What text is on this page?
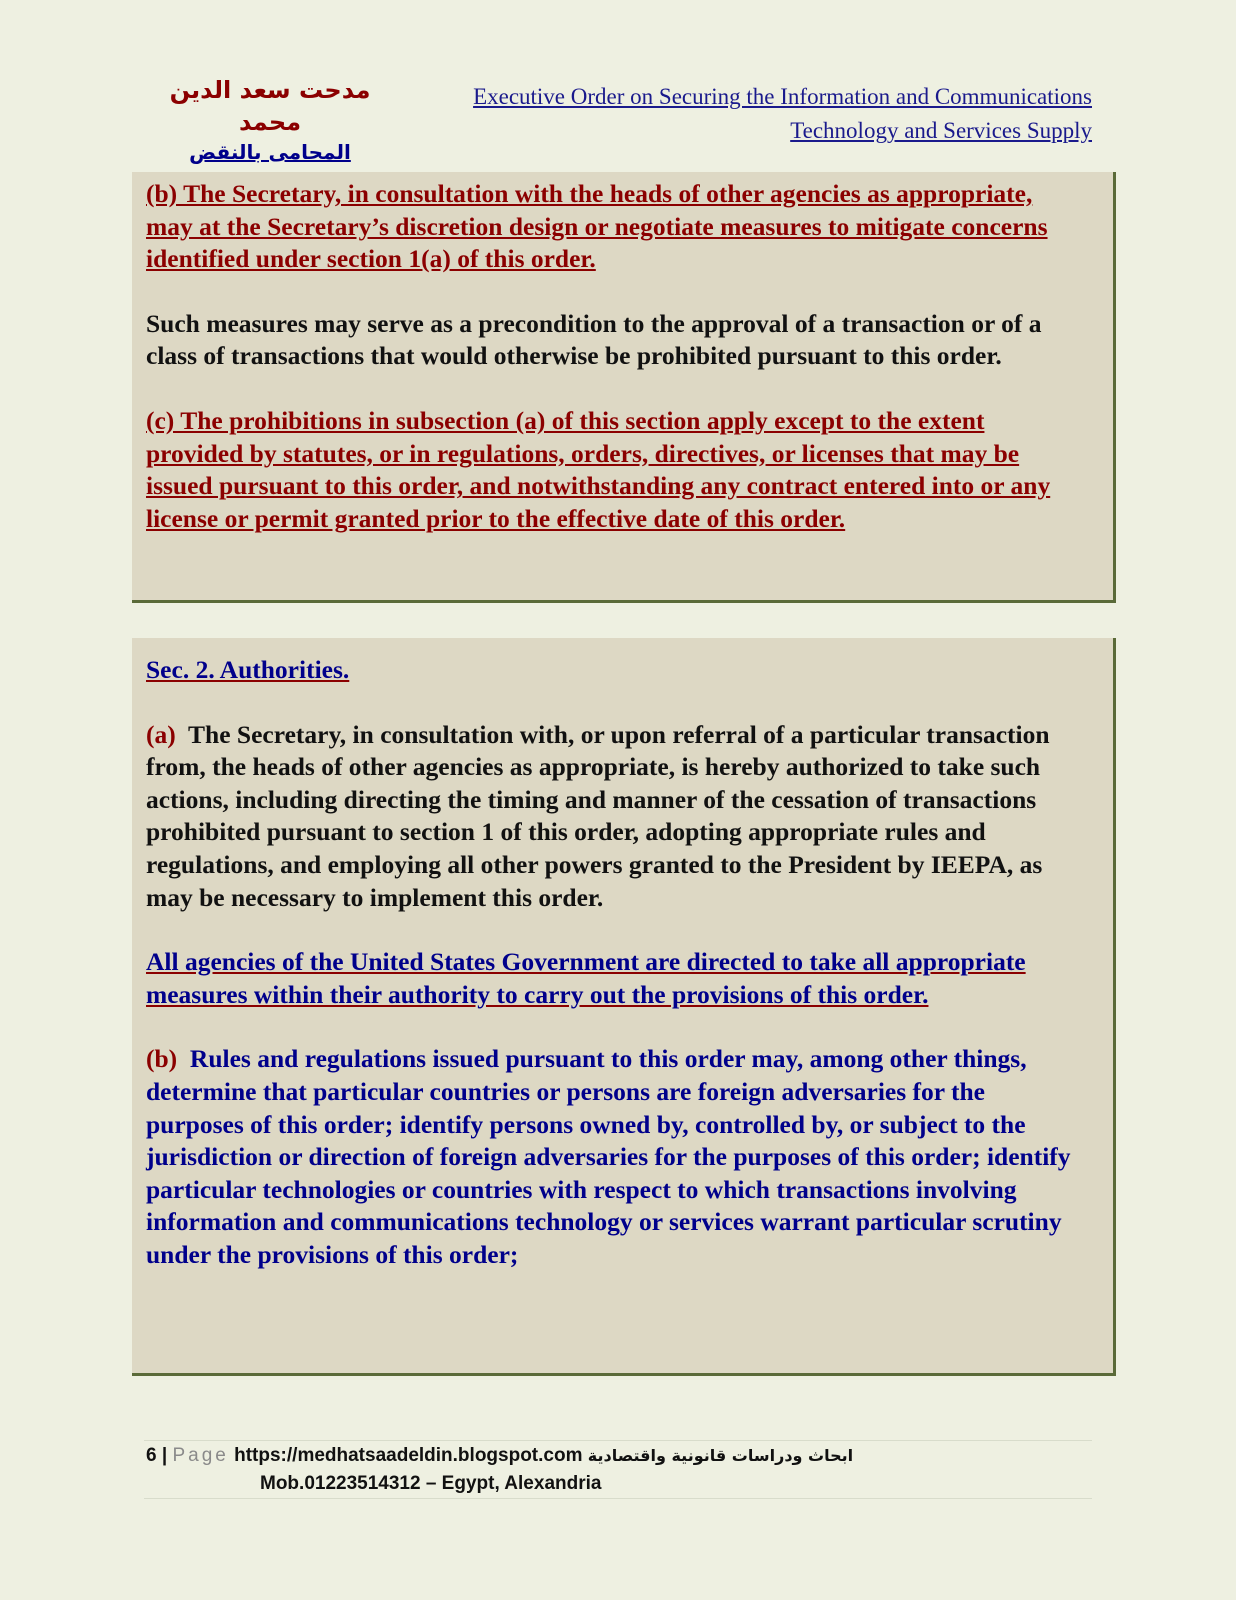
مدحت سعد الدين محمد
المحامى بالنقض
Executive Order on Securing the Information and Communications
Technology and Services Supply

(b) The Secretary, in consultation with the heads of other agencies as appropriate, may at the Secretary’s discretion design or negotiate measures to mitigate concerns identified under section 1(a) of this order.

Such measures may serve as a precondition to the approval of a transaction or of a class of transactions that would otherwise be prohibited pursuant to this order.

(c) The prohibitions in subsection (a) of this section apply except to the extent provided by statutes, or in regulations, orders, directives, or licenses that may be issued pursuant to this order, and notwithstanding any contract entered into or any license or permit granted prior to the effective date of this order.

Sec. 2. Authorities.

(a) The Secretary, in consultation with, or upon referral of a particular transaction from, the heads of other agencies as appropriate, is hereby authorized to take such actions, including directing the timing and manner of the cessation of transactions prohibited pursuant to section 1 of this order, adopting appropriate rules and regulations, and employing all other powers granted to the President by IEEPA, as may be necessary to implement this order.

All agencies of the United States Government are directed to take all appropriate measures within their authority to carry out the provisions of this order.

(b) Rules and regulations issued pursuant to this order may, among other things, determine that particular countries or persons are foreign adversaries for the purposes of this order; identify persons owned by, controlled by, or subject to the jurisdiction or direction of foreign adversaries for the purposes of this order; identify particular technologies or countries with respect to which transactions involving information and communications technology or services warrant particular scrutiny under the provisions of this order;

6 | Page https://medhatsaadeldin.blogspot.com ابحاث ودراسات قانونية واقتصادية
Mob.01223514312 – Egypt, Alexandria
